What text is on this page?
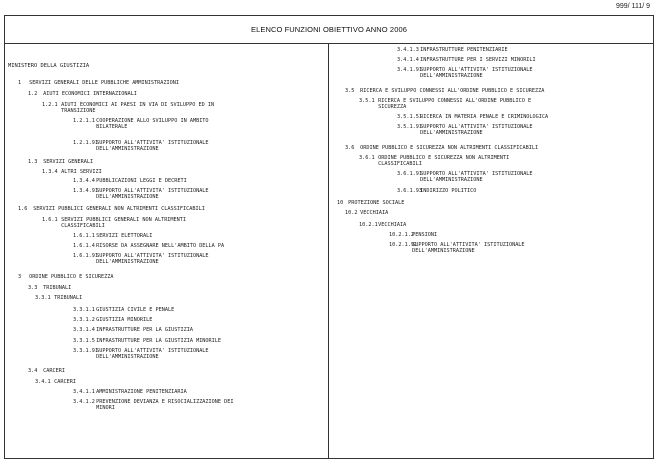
999/ 111/ 9
ELENCO FUNZIONI OBIETTIVO ANNO 2006
MINISTERO DELLA GIUSTIZIA
1 SERVIZI GENERALI DELLE PUBBLICHE AMMINISTRAZIONI
1.2 AIUTI ECONOMICI INTERNAZIONALI
1.2.1 AIUTI ECONOMICI AI PAESI IN VIA DI SVILUPPO ED IN
TRANSIZIONE
1.2.1.1 COOPERAZIONE ALLO SVILUPPO IN AMBITO
BILATERALE
1.2.1.91 SUPPORTO ALL'ATTIVITA' ISTITUZIONALE
DELL'AMMINISTRAZIONE
1.3 SERVIZI GENERALI
1.3.4 ALTRI SERVIZI
1.3.4.4 PUBBLICAZIONI LEGGI E DECRETI
1.3.4.91 SUPPORTO ALL'ATTIVITA' ISTITUZIONALE
DELL'AMMINISTRAZIONE
1.6 SERVIZI PUBBLICI GENERALI NON ALTRIMENTI CLASSIFICABILI
1.6.1 SERVIZI PUBBLICI GENERALI NON ALTRIMENTI
CLASSIFICABILI
1.6.1.1 SERVIZI ELETTORALI
1.6.1.4 RISORSE DA ASSEGNARE NELL'AMBITO DELLA PA
1.6.1.91 SUPPORTO ALL'ATTIVITA' ISTITUZIONALE
DELL'AMMINISTRAZIONE
3 ORDINE PUBBLICO E SICUREZZA
3.3 TRIBUNALI
3.3.1 TRIBUNALI
3.3.1.1 GIUSTIZIA CIVILE E PENALE
3.3.1.2 GIUSTIZIA MINORILE
3.3.1.4 INFRASTRUTTURE PER LA GIUSTIZIA
3.3.1.5 INFRASTRUTTURE PER LA GIUSTIZIA MINORILE
3.3.1.91 SUPPORTO ALL'ATTIVITA' ISTITUZIONALE
DELL'AMMINISTRAZIONE
3.4 CARCERI
3.4.1 CARCERI
3.4.1.1 AMMINISTRAZIONE PENITENZIARIA
3.4.1.2 PREVENZIONE DEVIANZA E RISOCIALIZZAZIONE DEI
MINORI
3.4.1.3 INFRASTRUTTURE PENITENZIARIE
3.4.1.4 INFRASTRUTTURE PER I SERVIZI MINORILI
3.4.1.91 SUPPORTO ALL'ATTIVITA' ISTITUZIONALE
DELL'AMMINISTRAZIONE
3.5 RICERCA E SVILUPPO CONNESSI ALL'ORDINE PUBBLICO E SICUREZZA
3.5.1 RICERCA E SVILUPPO CONNESSI ALL'ORDINE PUBBLICO E
SICUREZZA
3.5.1.51 RICERCA IN MATERIA PENALE E CRIMINOLOGICA
3.5.1.91 SUPPORTO ALL'ATTIVITA' ISTITUZIONALE
DELL'AMMINISTRAZIONE
3.6 ORDINE PUBBLICO E SICUREZZA NON ALTRIMENTI CLASSIFICABILI
3.6.1 ORDINE PUBBLICO E SICUREZZA NON ALTRIMENTI
CLASSIFICABILI
3.6.1.91 SUPPORTO ALL'ATTIVITA' ISTITUZIONALE
DELL'AMMINISTRAZIONE
3.6.1.93 INDIRIZZO POLITICO
10 PROTEZIONE SOCIALE
10.2 VECCHIAIA
10.2.1 VECCHIAIA
10.2.1.2 PENSIONI
10.2.1.91 SUPPORTO ALL'ATTIVITA' ISTITUZIONALE
DELL'AMMINISTRAZIONE
